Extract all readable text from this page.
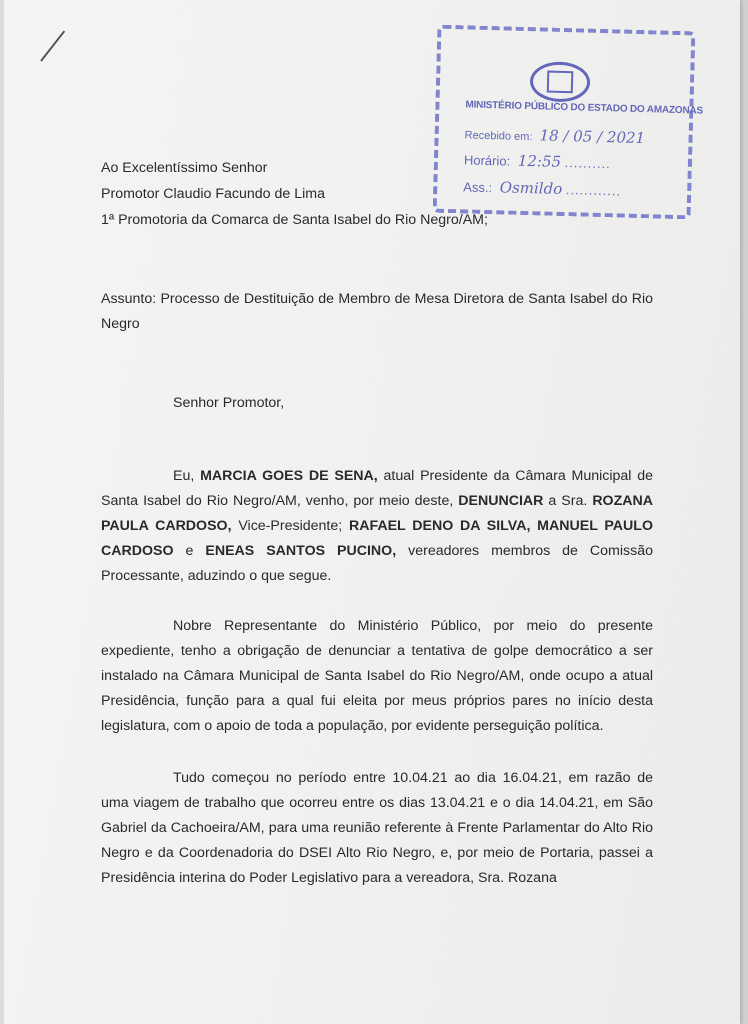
MINISTÉRIO PÚBLICO DO ESTADO DO AMAZONAS
Recebido em: 18 / 05 / 2021
Horário: 12:55 ..........
Ass.: Osmildo ............
Ao Excelentíssimo Senhor
Promotor Claudio Facundo de Lima
1ª Promotoria da Comarca de Santa Isabel do Rio Negro/AM;
Assunto: Processo de Destituição de Membro de Mesa Diretora de Santa Isabel do Rio Negro
Senhor Promotor,
Eu, MARCIA GOES DE SENA, atual Presidente da Câmara Municipal de Santa Isabel do Rio Negro/AM, venho, por meio deste, DENUNCIAR a Sra. ROZANA PAULA CARDOSO, Vice-Presidente; RAFAEL DENO DA SILVA, MANUEL PAULO CARDOSO e ENEAS SANTOS PUCINO, vereadores membros de Comissão Processante, aduzindo o que segue.
Nobre Representante do Ministério Público, por meio do presente expediente, tenho a obrigação de denunciar a tentativa de golpe democrático a ser instalado na Câmara Municipal de Santa Isabel do Rio Negro/AM, onde ocupo a atual Presidência, função para a qual fui eleita por meus próprios pares no início desta legislatura, com o apoio de toda a população, por evidente perseguição política.
Tudo começou no período entre 10.04.21 ao dia 16.04.21, em razão de uma viagem de trabalho que ocorreu entre os dias 13.04.21 e o dia 14.04.21, em São Gabriel da Cachoeira/AM, para uma reunião referente à Frente Parlamentar do Alto Rio Negro e da Coordenadoria do DSEI Alto Rio Negro, e, por meio de Portaria, passei a Presidência interina do Poder Legislativo para a vereadora, Sra. Rozana
